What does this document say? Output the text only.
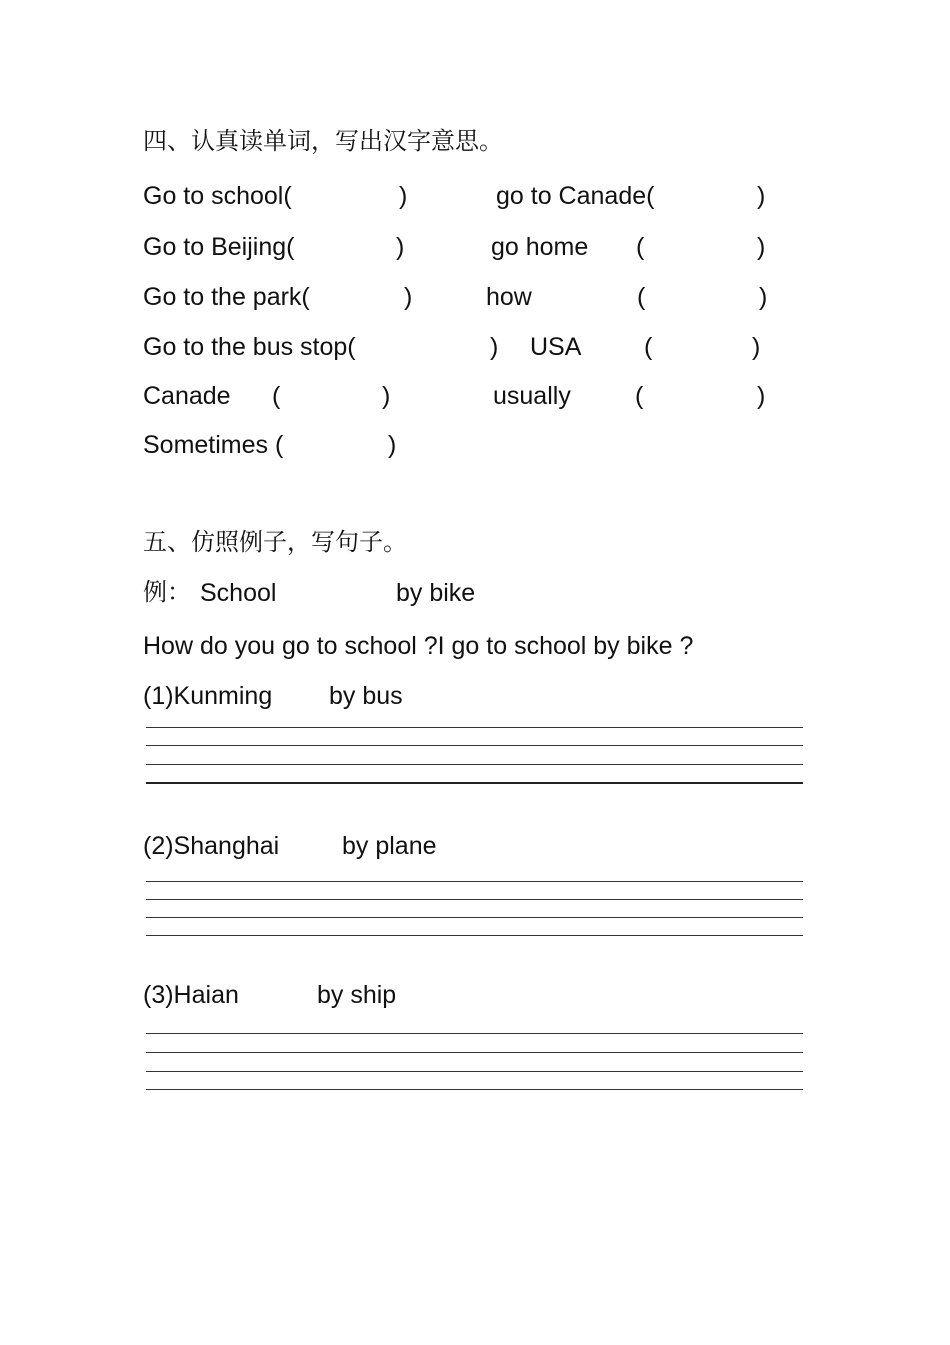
四、认真读单词，写出汉字意思。
Go to school(	)	go to Canade(	)
Go to Beijing(	)	go home (	)
Go to the park(	)	how	(	)
Go to the bus stop(	) USA	(	)
Canade (	)	usually	(	)
Sometimes (	)
五、仿照例子，写句子。
例： School	by bike
How do you go to school ?I go to school by bike ?
(1)Kunming by bus
(2)Shanghai	by plane
(3)Haian	by ship
